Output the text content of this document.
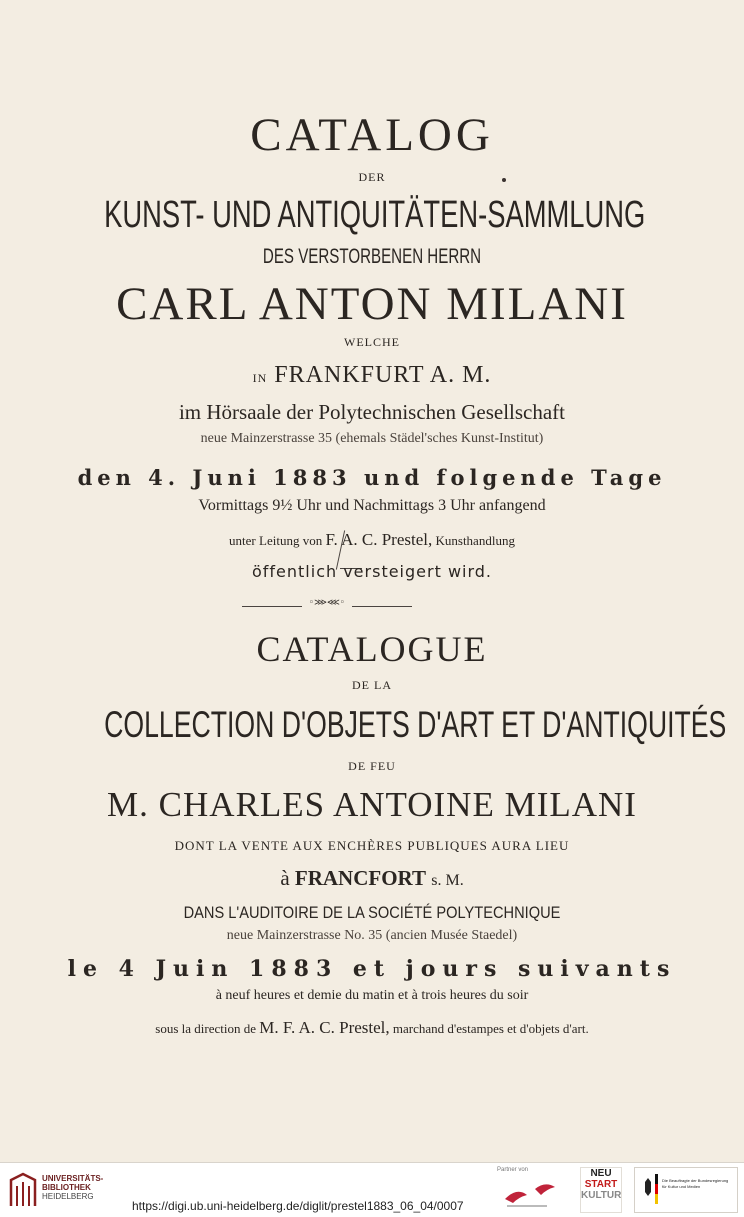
CATALOG
DER
KUNST- UND ANTIQUITÄTEN-SAMMLUNG
DES VERSTORBENEN HERRN
CARL ANTON MILANI
WELCHE
IN FRANKFURT A. M.
im Hörsaale der Polytechnischen Gesellschaft
neue Mainzerstrasse 35 (ehemals Städel'sches Kunst-Institut)
den 4. Juni 1883 und folgende Tage
Vormittags 9½ Uhr und Nachmittags 3 Uhr anfangend
unter Leitung von F. A. C. Prestel, Kunsthandlung
öffentlich versteigert wird.
◦⋙⋘◦
CATALOGUE
DE LA
COLLECTION D'OBJETS D'ART ET D'ANTIQUITÉS
DE FEU
M. CHARLES ANTOINE MILANI
DONT LA VENTE AUX ENCHÈRES PUBLIQUES AURA LIEU
à FRANCFORT s. M.
DANS L'AUDITOIRE DE LA SOCIÉTÉ POLYTECHNIQUE
neue Mainzerstrasse No. 35 (ancien Musée Staedel)
le 4 Juin 1883 et jours suivants
à neuf heures et demie du matin et à trois heures du soir
sous la direction de M. F. A. C. Prestel, marchand d'estampes et d'objets d'art.
UNIVERSITÄTS-
BIBLIOTHEK
HEIDELBERG
https://digi.ub.uni-heidelberg.de/diglit/prestel1883_06_04/0007
Partner von	NEU
START
KULTUR
Die Beauftragte der Bundesregierung
für Kultur und Medien
